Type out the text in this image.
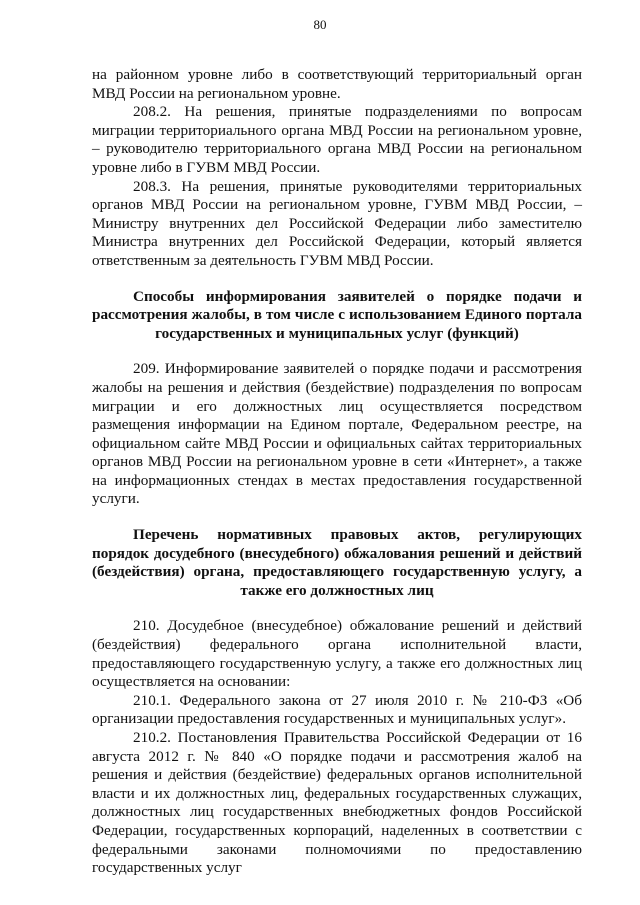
80

на районном уровне либо в соответствующий территориальный орган МВД России на региональном уровне.

208.2. На решения, принятые подразделениями по вопросам миграции территориального органа МВД России на региональном уровне, – руководителю территориального органа МВД России на региональном уровне либо в ГУВМ МВД России.

208.3. На решения, принятые руководителями территориальных органов МВД России на региональном уровне, ГУВМ МВД России, – Министру внутренних дел Российской Федерации либо заместителю Министра внутренних дел Российской Федерации, который является ответственным за деятельность ГУВМ МВД России.

Способы информирования заявителей о порядке подачи и рассмотрения жалобы, в том числе с использованием Единого портала государственных и муниципальных услуг (функций)

209. Информирование заявителей о порядке подачи и рассмотрения жалобы на решения и действия (бездействие) подразделения по вопросам миграции и его должностных лиц осуществляется посредством размещения информации на Едином портале, Федеральном реестре, на официальном сайте МВД России и официальных сайтах территориальных органов МВД России на региональном уровне в сети «Интернет», а также на информационных стендах в местах предоставления государственной услуги.

Перечень нормативных правовых актов, регулирующих порядок досудебного (внесудебного) обжалования решений и действий (бездействия) органа, предоставляющего государственную услугу, а также его должностных лиц

210. Досудебное (внесудебное) обжалование решений и действий (бездействия) федерального органа исполнительной власти, предоставляющего государственную услугу, а также его должностных лиц осуществляется на основании:

210.1. Федерального закона от 27 июля 2010 г. № 210-ФЗ «Об организации предоставления государственных и муниципальных услуг».

210.2. Постановления Правительства Российской Федерации от 16 августа 2012 г. № 840 «О порядке подачи и рассмотрения жалоб на решения и действия (бездействие) федеральных органов исполнительной власти и их должностных лиц, федеральных государственных служащих, должностных лиц государственных внебюджетных фондов Российской Федерации, государственных корпораций, наделенных в соответствии с федеральными законами полномочиями по предоставлению государственных услуг
